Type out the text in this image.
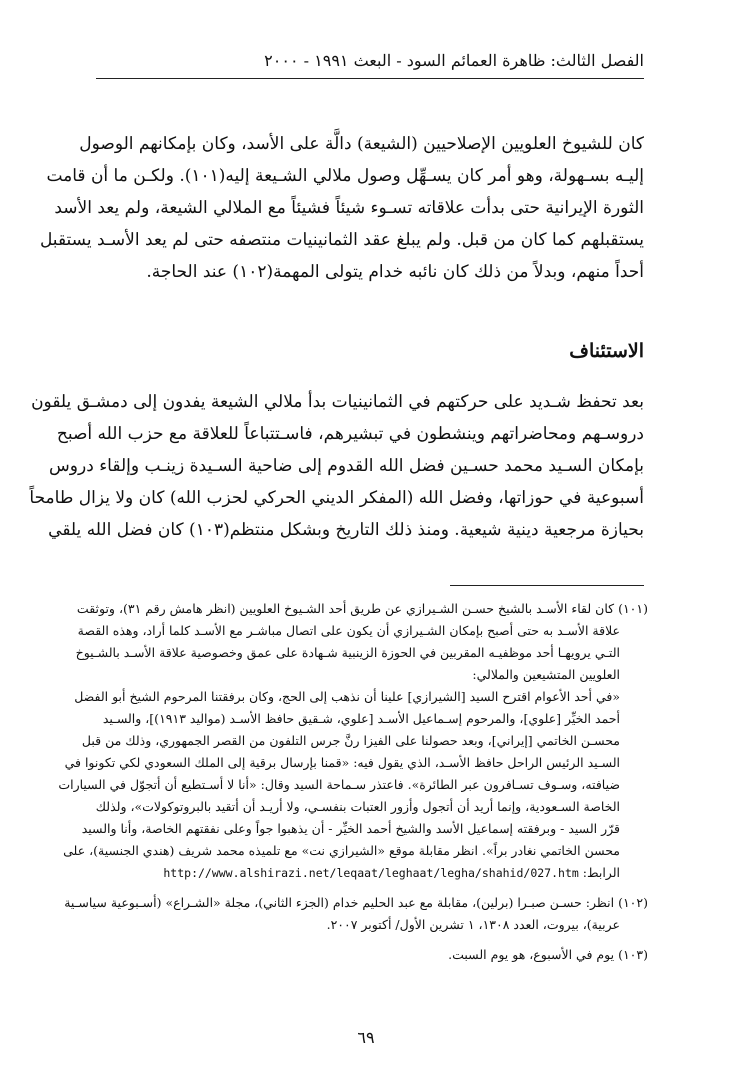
الفصل الثالث: ظاهرة العمائم السود - البعث ١٩٩١ - ٢٠٠٠
كان للشيوخ العلويين الإصلاحيين (الشيعة) دالَّة على الأسد، وكان بإمكانهم الوصول
إليـه بسـهولة، وهو أمر كان يسـهِّل وصول ملالي الشـيعة إليه(١٠١). ولكـن ما أن قامت
الثورة الإيرانية حتى بدأت علاقاته تسـوء شيئاً فشيئاً مع الملالي الشيعة، ولم يعد الأسد
يستقبلهم كما كان من قبل. ولم يبلغ عقد الثمانينيات منتصفه حتى لم يعد الأسـد يستقبل
أحداً منهم، وبدلاً من ذلك كان نائبه خدام يتولى المهمة(١٠٢) عند الحاجة.
الاستئناف
بعد تحفظ شـديد على حركتهم في الثمانينيات بدأ ملالي الشيعة يفدون إلى دمشـق يلقون
دروسـهم ومحاضراتهم وينشطون في تبشيرهم، فاسـتتباعاً للعلاقة مع حزب الله أصبح
بإمكان السـيد محمد حسـين فضل الله القدوم إلى ضاحية السـيدة زينـب وإلقاء دروس
أسبوعية في حوزاتها، وفضل الله (المفكر الديني الحركي لحزب الله) كان ولا يزال طامحاً
بحيازة مرجعية دينية شيعية. ومنذ ذلك التاريخ وبشكل منتظم(١٠٣) كان فضل الله يلقي
(١٠١) كان لقاء الأسـد بالشيخ حسـن الشـيرازي عن طريق أحد الشـيوخ العلويين (انظر هامش رقم ٣١)، وتوثقت
علاقة الأسـد به حتى أصبح بإمكان الشـيرازي أن يكون على اتصال مباشـر مع الأسـد كلما أراد، وهذه القصة
التـي يرويهـا أحد موظفيـه المقربين في الحوزة الزينبية شـهادة على عمق وخصوصية علاقة الأسـد بالشـيوخ
العلويين المتشيعين والملالي:
«في أحد الأعوام اقترح السيد [الشيرازي] علينا أن نذهب إلى الحج، وكان برفقتنا المرحوم الشيخ أبو الفضل
أحمد الخيِّر [علوي]، والمرحوم إسـماعيل الأسـد [علوي، شـقيق حافظ الأسـد (مواليد ١٩١٣)]، والسـيد
محسـن الخاتمي [إيراني]، وبعد حصولنا على الفيزا رنَّ جرس التلفون من القصر الجمهوري، وذلك من قبل
السـيد الرئيس الراحل حافظ الأسـد، الذي يقول فيه: «قمنا بإرسال برقية إلى الملك السعودي لكي تكونوا في
ضيافته، وسـوف تسـافرون عبر الطائرة». فاعتذر سـماحة السيد وقال: «أنا لا أسـتطيع أن أتجوّل في السيارات
الخاصة السـعودية، وإنما أريد أن أتجول وأزور العتبات بنفسـي، ولا أريـد أن أتقيد بالبروتوكولات»، ولذلك
قرّر السيد - وبرفقته إسماعيل الأسد والشيخ أحمد الخيِّر - أن يذهبوا جواً وعلى نفقتهم الخاصة، وأنا والسيد
محسن الخاتمي نغادر براً». انظر مقابلة موقع «الشيرازي نت» مع تلميذه محمد شريف (هندي الجنسية)، على
الرابط: http://www.alshirazi.net/leqaat/leghaat/legha/shahid/027.htm
(١٠٢) انظر: حسـن صبـرا (برلين)، مقابلة مع عبد الحليم خدام (الجزء الثاني)، مجلة «الشـراع» (أسـبوعية سياسـية
عربية)، بيروت، العدد ١٣٠٨، ١ تشرين الأول/ أكتوبر ٢٠٠٧.
(١٠٣) يوم في الأسبوع، هو يوم السبت.
٦٩
